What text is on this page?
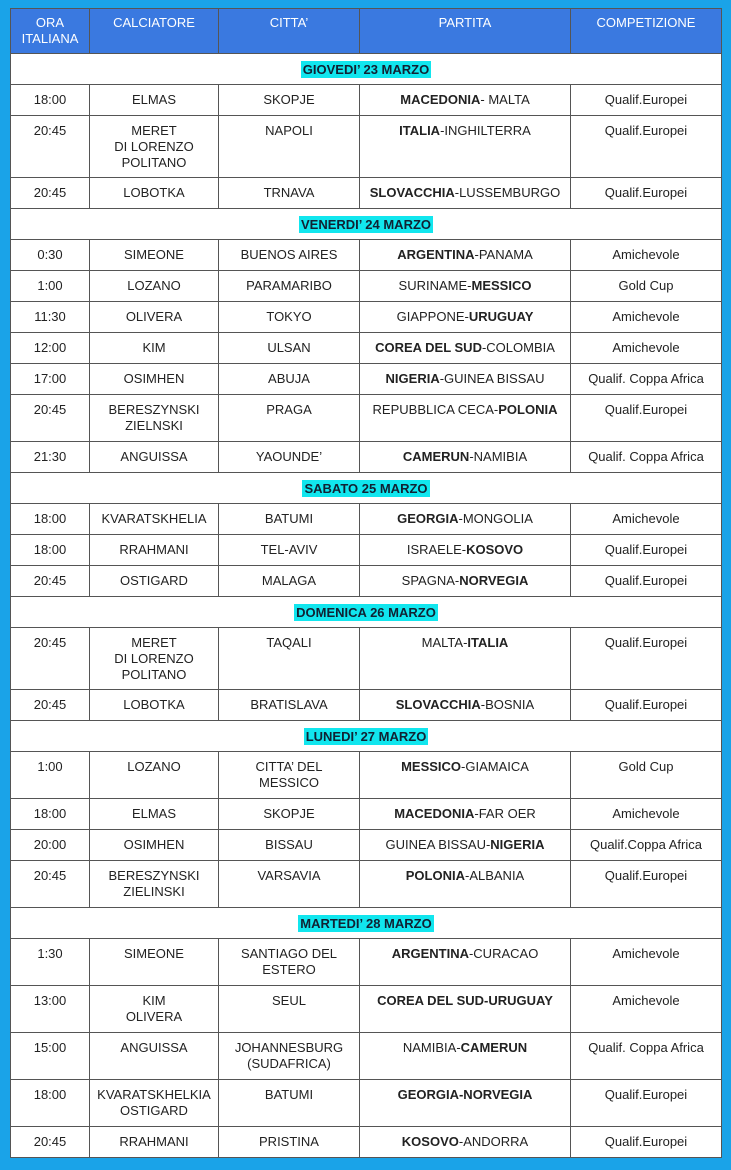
ORA ITALIANA	CALCIATORE	CITTA’	PARTITA	COMPETIZIONE
GIOVEDI’ 23 MARZO				
18:00	ELMAS	SKOPJE	MACEDONIA- MALTA	Qualif.Europei
20:45	MERET
DI LORENZO
POLITANO	NAPOLI	ITALIA-INGHILTERRA	Qualif.Europei
20:45	LOBOTKA	TRNAVA	SLOVACCHIA-LUSSEMBURGO	Qualif.Europei
VENERDI’ 24 MARZO				
0:30	SIMEONE	BUENOS AIRES	ARGENTINA-PANAMA	Amichevole
1:00	LOZANO	PARAMARIBO	SURINAME-MESSICO	Gold Cup
11:30	OLIVERA	TOKYO	GIAPPONE-URUGUAY	Amichevole
12:00	KIM	ULSAN	COREA DEL SUD-COLOMBIA	Amichevole
17:00	OSIMHEN	ABUJA	NIGERIA-GUINEA BISSAU	Qualif. Coppa Africa
20:45	BERESZYNSKI
ZIELNSKI	PRAGA	REPUBBLICA CECA-POLONIA	Qualif.Europei
21:30	ANGUISSA	YAOUNDE’	CAMERUN-NAMIBIA	Qualif. Coppa Africa
SABATO 25 MARZO				
18:00	KVARATSKHELIA	BATUMI	GEORGIA-MONGOLIA	Amichevole
18:00	RRAHMANI	TEL-AVIV	ISRAELE-KOSOVO	Qualif.Europei
20:45	OSTIGARD	MALAGA	SPAGNA-NORVEGIA	Qualif.Europei
DOMENICA 26 MARZO				
20:45	MERET
DI LORENZO
POLITANO	TAQALI	MALTA-ITALIA	Qualif.Europei
20:45	LOBOTKA	BRATISLAVA	SLOVACCHIA-BOSNIA	Qualif.Europei
LUNEDI’ 27 MARZO				
1:00	LOZANO	CITTA’ DEL
MESSICO	MESSICO-GIAMAICA	Gold Cup
18:00	ELMAS	SKOPJE	MACEDONIA-FAR OER	Amichevole
20:00	OSIMHEN	BISSAU	GUINEA BISSAU-NIGERIA	Qualif.Coppa Africa
20:45	BERESZYNSKI
ZIELINSKI	VARSAVIA	POLONIA-ALBANIA	Qualif.Europei
MARTEDI’ 28 MARZO				
1:30	SIMEONE	SANTIAGO DEL
ESTERO	ARGENTINA-CURACAO	Amichevole
13:00	KIM
OLIVERA	SEUL	COREA DEL SUD-URUGUAY	Amichevole
15:00	ANGUISSA	JOHANNESBURG
(SUDAFRICA)	NAMIBIA-CAMERUN	Qualif. Coppa Africa
18:00	KVARATSKHELKIA
OSTIGARD	BATUMI	GEORGIA-NORVEGIA	Qualif.Europei
20:45	RRAHMANI	PRISTINA	KOSOVO-ANDORRA	Qualif.Europei
